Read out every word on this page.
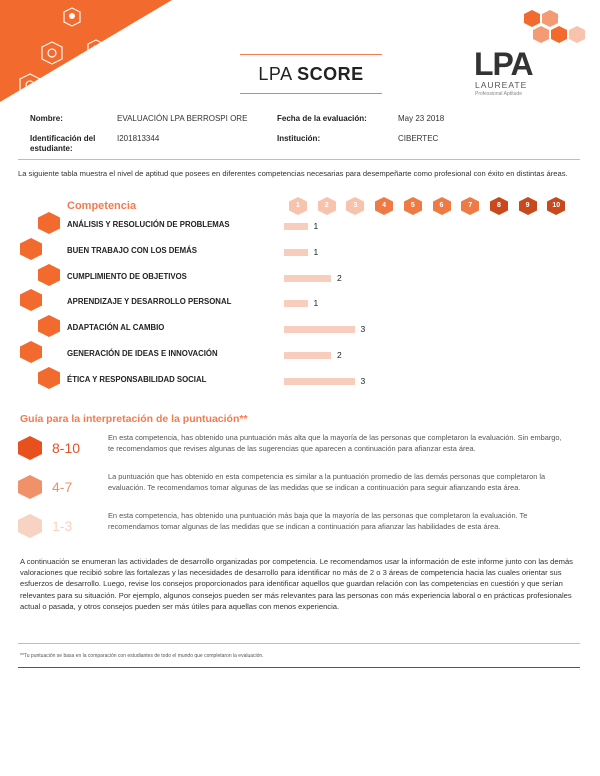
LPA SCORE	LPA
LAUREATE
Professional Aptitude
Nombre:	EVALUACIÓN LPA BERROSPI ORE	Fecha de la evaluación:	May 23 2018
Identificación del estudiante:
I201813344	Institución:	CIBERTEC
La siguiente tabla muestra el nivel de aptitud que posees en diferentes competencias necesarias para desempeñarte como profesional con éxito en distintas áreas.
Competencia	1	2	3	4	5	6	7	8	9	10
ANÁLISIS Y RESOLUCIÓN DE PROBLEMAS	1
BUEN TRABAJO CON LOS DEMÁS	1
CUMPLIMIENTO DE OBJETIVOS	2
APRENDIZAJE Y DESARROLLO PERSONAL	1
ADAPTACIÓN AL CAMBIO	3
GENERACIÓN DE IDEAS E INNOVACIÓN	2
ÉTICA Y RESPONSABILIDAD SOCIAL	3
Guía para la interpretación de la puntuación**
8-10
En esta competencia, has obtenido una puntuación más alta que la mayoría de las personas que completaron la evaluación. Sin embargo, te recomendamos que revises algunas de las sugerencias que aparecen a continuación para afianzar esta área.
4-7
La puntuación que has obtenido en esta competencia es similar a la puntuación promedio de las demás personas que completaron la evaluación. Te recomendamos tomar algunas de las medidas que se indican a continuación para seguir afianzando esta área.
1-3
En esta competencia, has obtenido una puntuación más baja que la mayoría de las personas que completaron la evaluación. Te recomendamos tomar algunas de las medidas que se indican a continuación para afianzar las habilidades de esta área.
A continuación se enumeran las actividades de desarrollo organizadas por competencia. Le recomendamos usar la información de este informe junto con las demás valoraciones que recibió sobre las fortalezas y las necesidades de desarrollo para identificar no más de 2 o 3 áreas de competencia hacia las cuales orientar sus esfuerzos de desarrollo. Luego, revise los consejos proporcionados para identificar aquellos que guardan relación con las competencias en cuestión y que serían relevantes para su situación. Por ejemplo, algunos consejos pueden ser más relevantes para las personas con más experiencia laboral o en prácticas profesionales actual o pasada, y otros consejos pueden ser más útiles para aquellas con menos experiencia.
**Tu puntuación se basa en la comparación con estudiantes de todo el mundo que completaron la evaluación.
